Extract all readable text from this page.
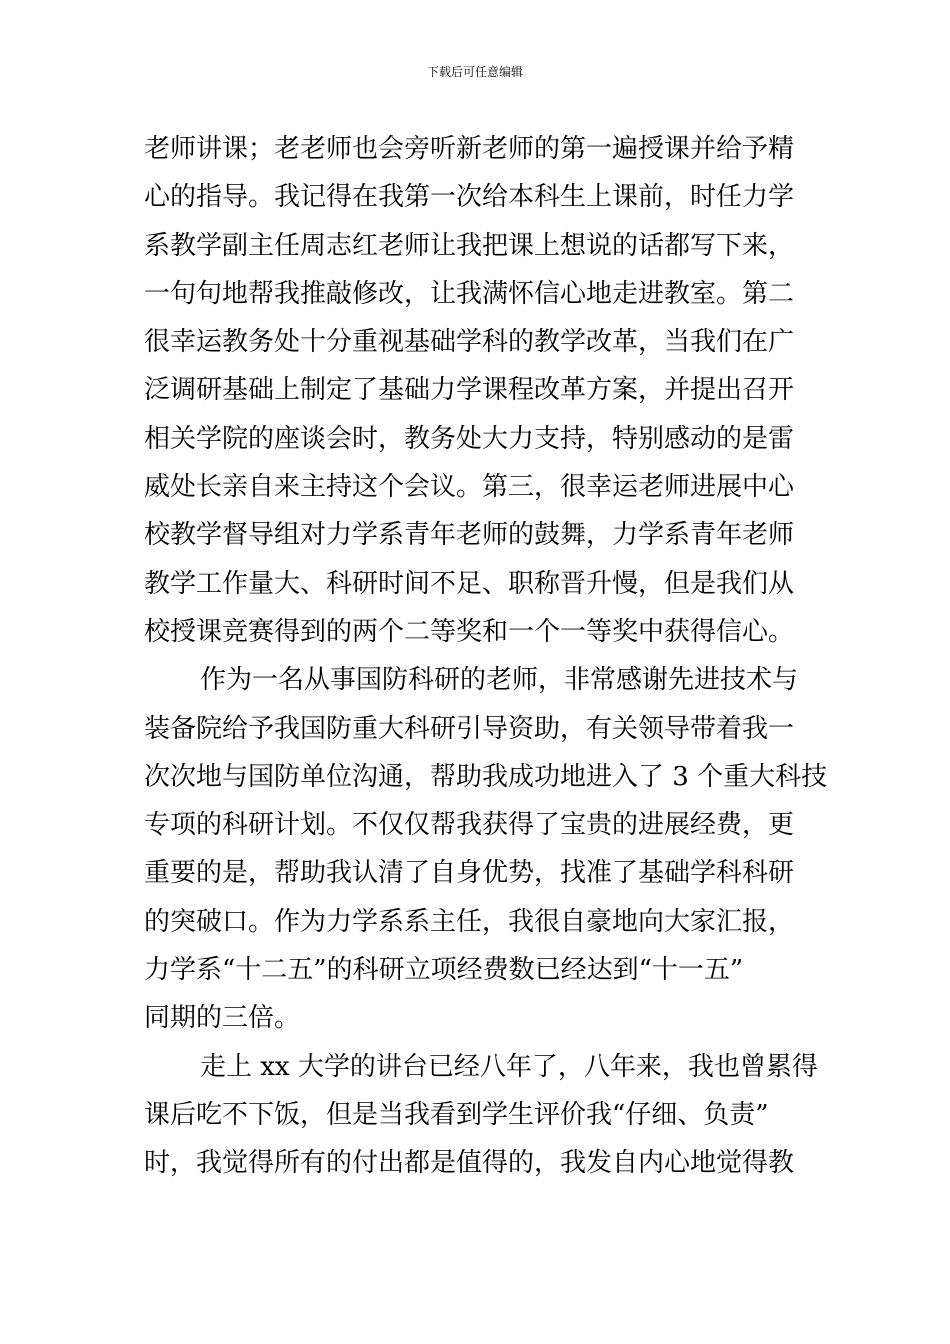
下载后可任意编辑
老师讲课；老老师也会旁听新老师的第一遍授课并给予精
心的指导。我记得在我第一次给本科生上课前，时任力学
系教学副主任周志红老师让我把课上想说的话都写下来，
一句句地帮我推敲修改，让我满怀信心地走进教室。第二
很幸运教务处十分重视基础学科的教学改革，当我们在广
泛调研基础上制定了基础力学课程改革方案，并提出召开
相关学院的座谈会时，教务处大力支持，特别感动的是雷
威处长亲自来主持这个会议。第三，很幸运老师进展中心
校教学督导组对力学系青年老师的鼓舞，力学系青年老师
教学工作量大、科研时间不足、职称晋升慢，但是我们从
校授课竞赛得到的两个二等奖和一个一等奖中获得信心。
作为一名从事国防科研的老师，非常感谢先进技术与
装备院给予我国防重大科研引导资助，有关领导带着我一
次次地与国防单位沟通，帮助我成功地进入了 3 个重大科技
专项的科研计划。不仅仅帮我获得了宝贵的进展经费，更
重要的是，帮助我认清了自身优势，找准了基础学科科研
的突破口。作为力学系系主任，我很自豪地向大家汇报，
力学系“十二五”的科研立项经费数已经达到“十一五”
同期的三倍。
走上 xx 大学的讲台已经八年了，八年来，我也曾累得
课后吃不下饭，但是当我看到学生评价我“仔细、负责”
时，我觉得所有的付出都是值得的，我发自内心地觉得教
